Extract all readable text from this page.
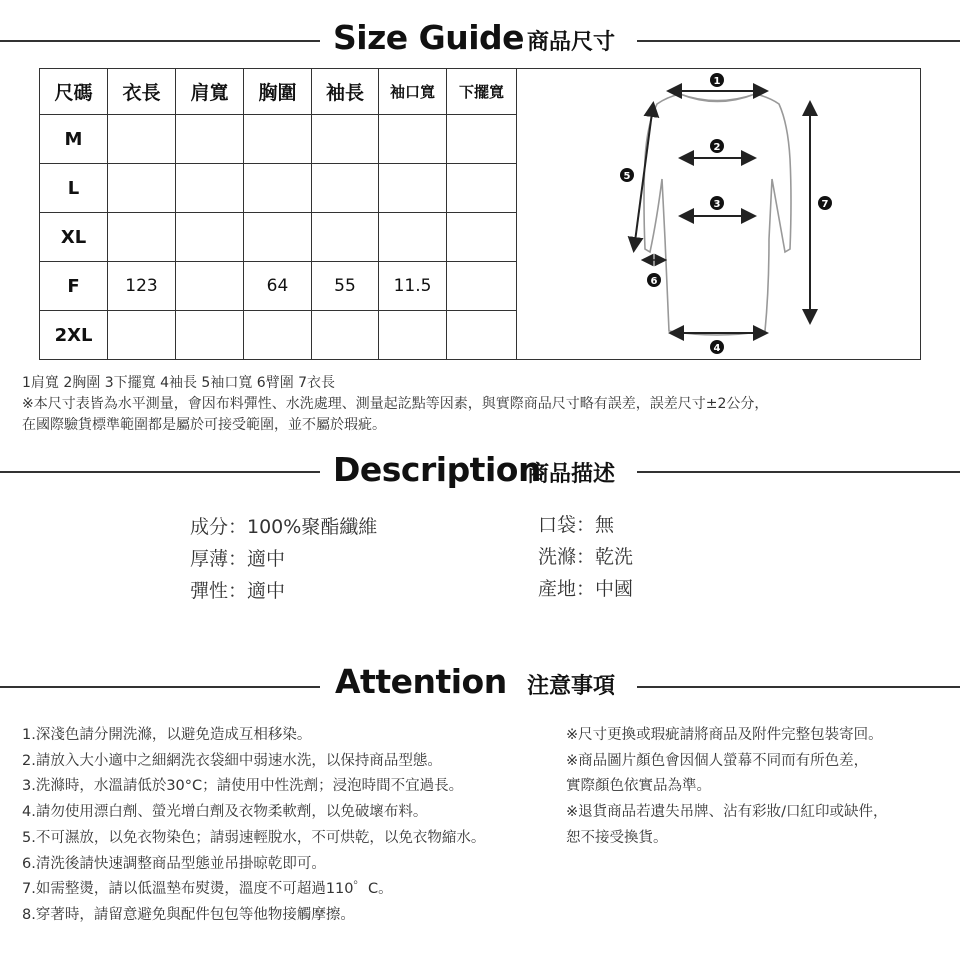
Size Guide 商品尺寸
尺碼	衣長	肩寬	胸圍	袖長	袖口寬	下擺寬
M						
L						
XL						
F	123		64	55	11.5	
2XL						
1
2
3
4
5
6
7
1肩寬 2胸圍 3下擺寬 4袖長 5袖口寬 6臂圍 7衣長
※本尺寸表皆為水平測量，會因布料彈性、水洗處理、測量起訖點等因素，與實際商品尺寸略有誤差，誤差尺寸±2公分，
在國際驗貨標準範圍都是屬於可接受範圍，並不屬於瑕疵。
Description
商品描述
成分：100%聚酯纖維
厚薄：適中
彈性：適中
口袋：無
洗滌：乾洗
產地：中國
Attention 注意事項
1.深淺色請分開洗滌，以避免造成互相移染。
2.請放入大小適中之細網洗衣袋細中弱速水洗，以保持商品型態。
3.洗滌時，水溫請低於30°C；請使用中性洗劑；浸泡時間不宜過長。
4.請勿使用漂白劑、螢光增白劑及衣物柔軟劑，以免破壞布料。
5.不可濕放，以免衣物染色；請弱速輕脫水，不可烘乾，以免衣物縮水。
6.清洗後請快速調整商品型態並吊掛晾乾即可。
7.如需整燙，請以低溫墊布熨燙，溫度不可超過110゜C。
8.穿著時，請留意避免與配件包包等他物接觸摩擦。
※尺寸更換或瑕疵請將商品及附件完整包裝寄回。
※商品圖片顏色會因個人螢幕不同而有所色差，
實際顏色依實品為準。
※退貨商品若遺失吊牌、沾有彩妝/口紅印或缺件，
恕不接受換貨。
